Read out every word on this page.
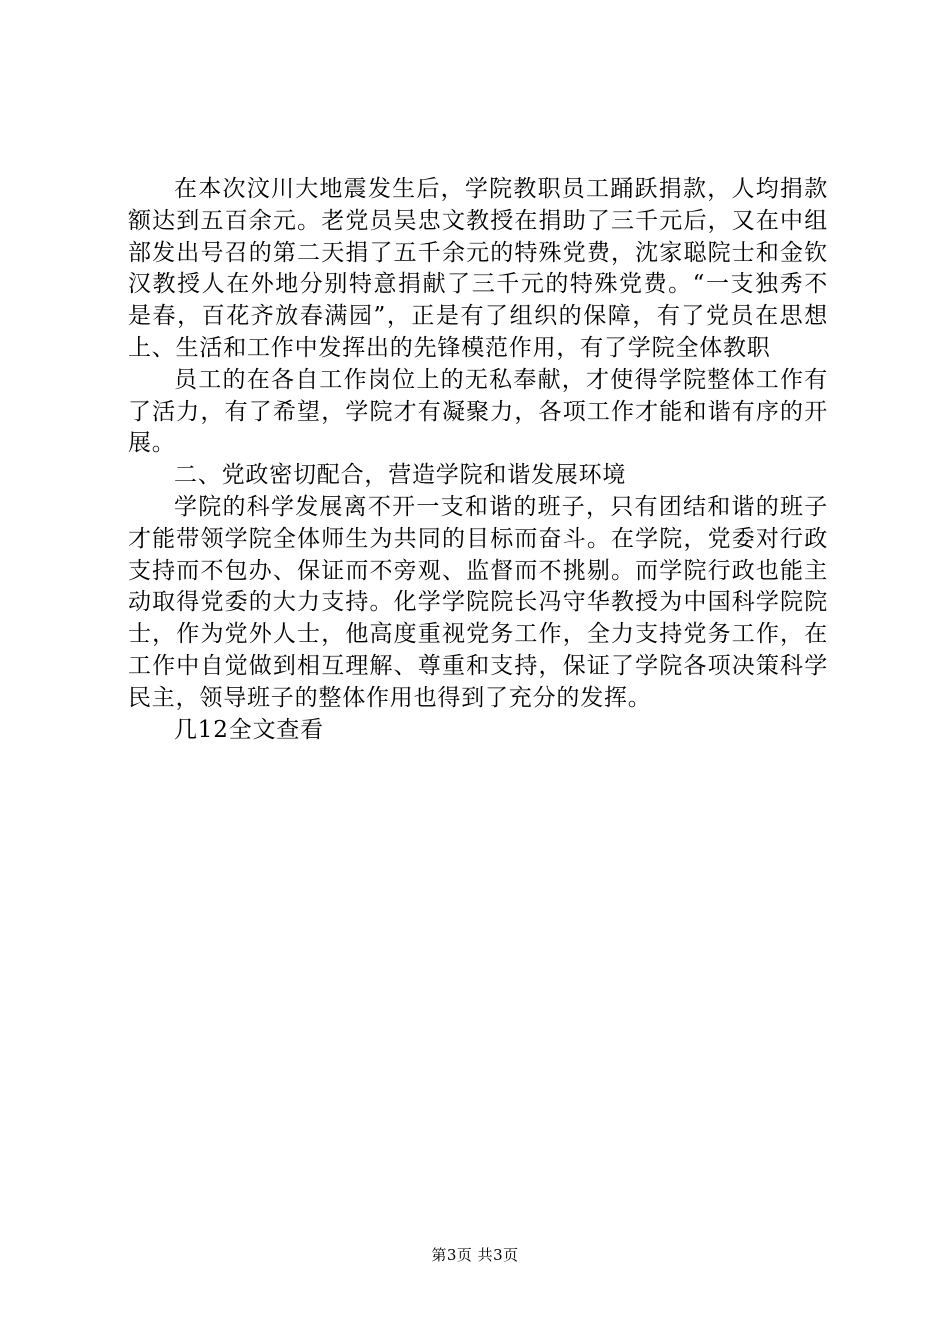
在本次汶川大地震发生后，学院教职员工踊跃捐款，人均捐款额达到五百余元。老党员吴忠文教授在捐助了三千元后，又在中组部发出号召的第二天捐了五千余元的特殊党费，沈家聪院士和金钦汉教授人在外地分别特意捐献了三千元的特殊党费。“一支独秀不是春，百花齐放春满园”，正是有了组织的保障，有了党员在思想上、生活和工作中发挥出的先锋模范作用，有了学院全体教职

员工的在各自工作岗位上的无私奉献，才使得学院整体工作有了活力，有了希望，学院才有凝聚力，各项工作才能和谐有序的开展。

二、党政密切配合，营造学院和谐发展环境

学院的科学发展离不开一支和谐的班子，只有团结和谐的班子才能带领学院全体师生为共同的目标而奋斗。在学院，党委对行政支持而不包办、保证而不旁观、监督而不挑剔。而学院行政也能主动取得党委的大力支持。化学学院院长冯守华教授为中国科学院院士，作为党外人士，他高度重视党务工作，全力支持党务工作，在工作中自觉做到相互理解、尊重和支持，保证了学院各项决策科学民主，领导班子的整体作用也得到了充分的发挥。

几12全文查看

第3页 共3页
